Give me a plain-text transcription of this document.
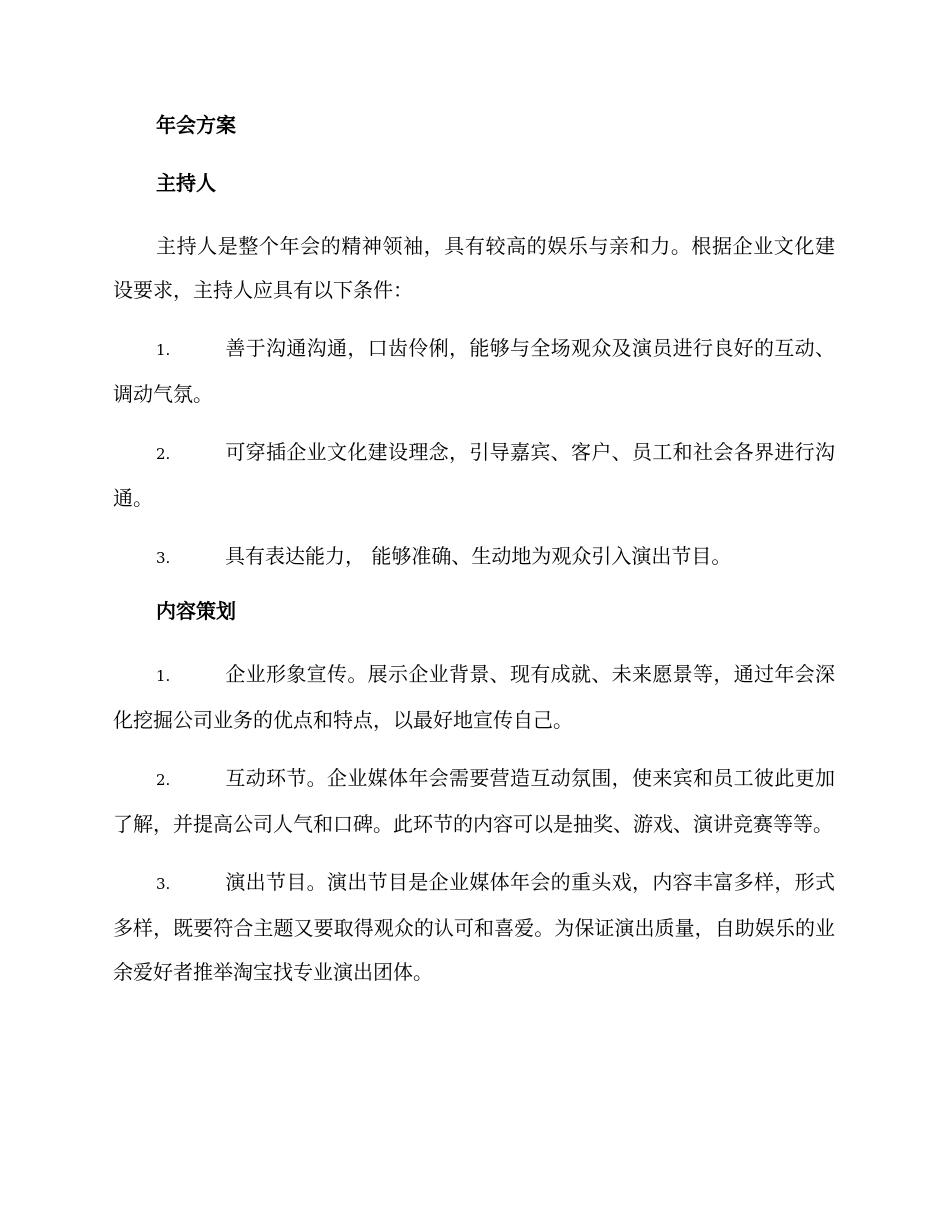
年会方案
主持人

主持人是整个年会的精神领袖，具有较高的娱乐与亲和力。根据企业文化建设要求，主持人应具有以下条件：

1.	善于沟通沟通，口齿伶俐，能够与全场观众及演员进行良好的互动、调动气氛。

2.	可穿插企业文化建设理念，引导嘉宾、客户、员工和社会各界进行沟通。

3.	具有表达能力， 能够准确、生动地为观众引入演出节目。

内容策划

1.	企业形象宣传。展示企业背景、现有成就、未来愿景等，通过年会深化挖掘公司业务的优点和特点，以最好地宣传自己。

2.	互动环节。企业媒体年会需要营造互动氛围，使来宾和员工彼此更加了解，并提高公司人气和口碑。此环节的内容可以是抽奖、游戏、演讲竞赛等等。

3.	演出节目。演出节目是企业媒体年会的重头戏，内容丰富多样，形式多样，既要符合主题又要取得观众的认可和喜爱。为保证演出质量，自助娱乐的业余爱好者推举淘宝找专业演出团体。
